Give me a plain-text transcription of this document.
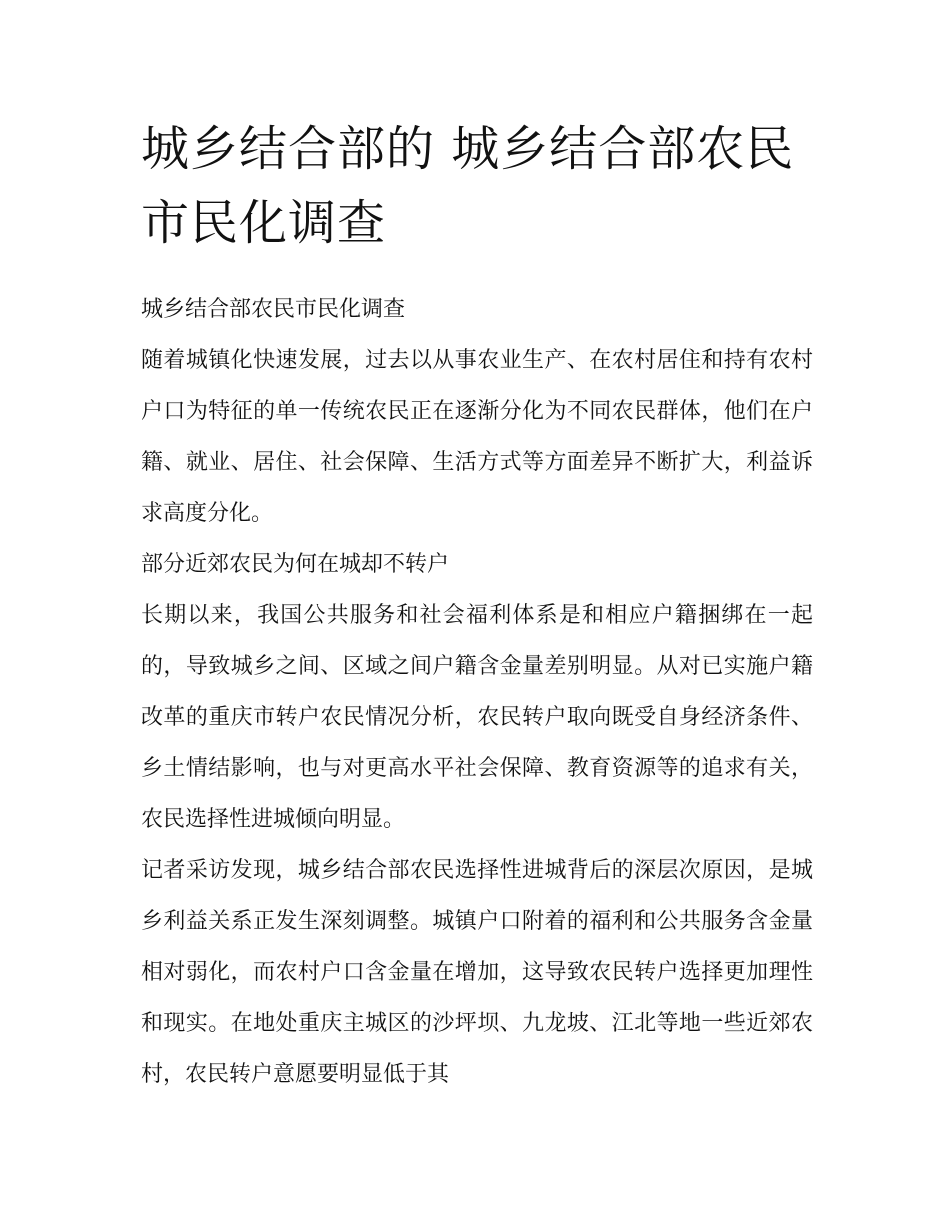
城乡结合部的 城乡结合部农民市民化调查

城乡结合部农民市民化调查

随着城镇化快速发展，过去以从事农业生产、在农村居住和持有农村户口为特征的单一传统农民正在逐渐分化为不同农民群体，他们在户籍、就业、居住、社会保障、生活方式等方面差异不断扩大，利益诉求高度分化。

部分近郊农民为何在城却不转户

长期以来，我国公共服务和社会福利体系是和相应户籍捆绑在一起的，导致城乡之间、区域之间户籍含金量差别明显。从对已实施户籍改革的重庆市转户农民情况分析，农民转户取向既受自身经济条件、乡土情结影响，也与对更高水平社会保障、教育资源等的追求有关，农民选择性进城倾向明显。

记者采访发现，城乡结合部农民选择性进城背后的深层次原因，是城乡利益关系正发生深刻调整。城镇户口附着的福利和公共服务含金量相对弱化，而农村户口含金量在增加，这导致农民转户选择更加理性和现实。在地处重庆主城区的沙坪坝、九龙坡、江北等地一些近郊农村，农民转户意愿要明显低于其
